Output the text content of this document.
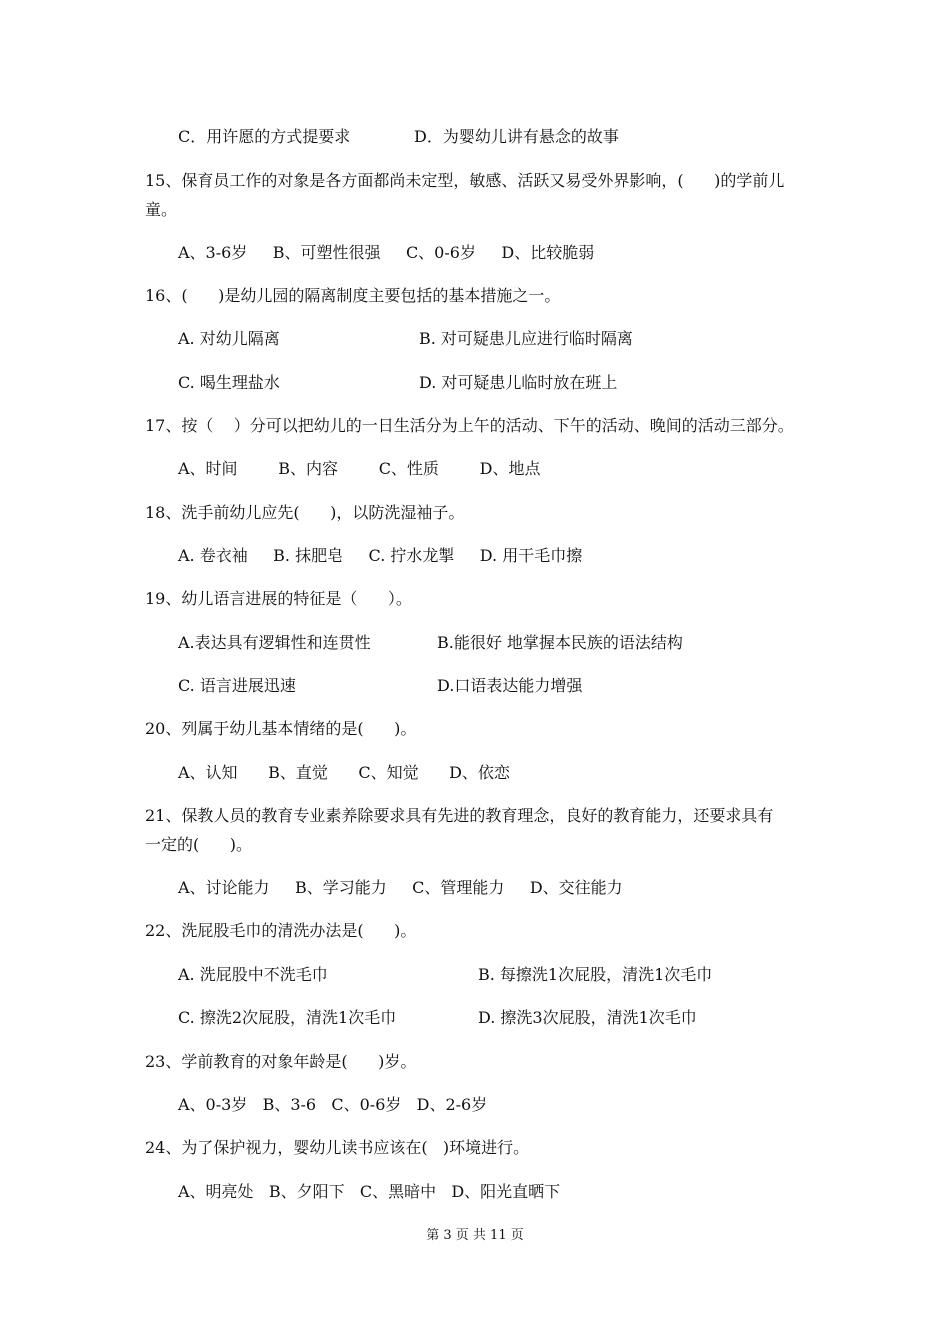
C．用许愿的方式提要求	D．为婴幼儿讲有悬念的故事
15、保育员工作的对象是各方面都尚未定型，敏感、活跃又易受外界影响，(      )的学前儿
童。
A、3-6岁     B、可塑性很强     C、0-6岁     D、比较脆弱
16、(      )是幼儿园的隔离制度主要包括的基本措施之一。
A. 对幼儿隔离	B. 对可疑患儿应进行临时隔离
C. 喝生理盐水	D. 对可疑患儿临时放在班上
17、按（    ）分可以把幼儿的一日生活分为上午的活动、下午的活动、晚间的活动三部分。
A、时间        B、内容        C、性质        D、地点
18、洗手前幼儿应先(      )，以防洗湿袖子。
A. 卷衣袖     B. 抹肥皂     C. 拧水龙掣     D. 用干毛巾擦
19、幼儿语言进展的特征是（      ）。
A.表达具有逻辑性和连贯性	B.能很好 地掌握本民族的语法结构
C. 语言进展迅速	D.口语表达能力增强
20、列属于幼儿基本情绪的是(      )。
A、认知      B、直觉      C、知觉      D、依恋
21、保教人员的教育专业素养除要求具有先进的教育理念，良好的教育能力，还要求具有
一定的(      )。
A、讨论能力     B、学习能力     C、管理能力     D、交往能力
22、洗屁股毛巾的清洗办法是(      )。
A. 洗屁股中不洗毛巾	B. 每擦洗1次屁股，清洗1次毛巾
C. 擦洗2次屁股，清洗1次毛巾	D. 擦洗3次屁股，清洗1次毛巾
23、学前教育的对象年龄是(      )岁。
A、0-3岁   B、3-6   C、0-6岁   D、2-6岁
24、为了保护视力，婴幼儿读书应该在(   )环境进行。
A、明亮处   B、夕阳下   C、黑暗中   D、阳光直晒下
第 3 页 共 11 页
